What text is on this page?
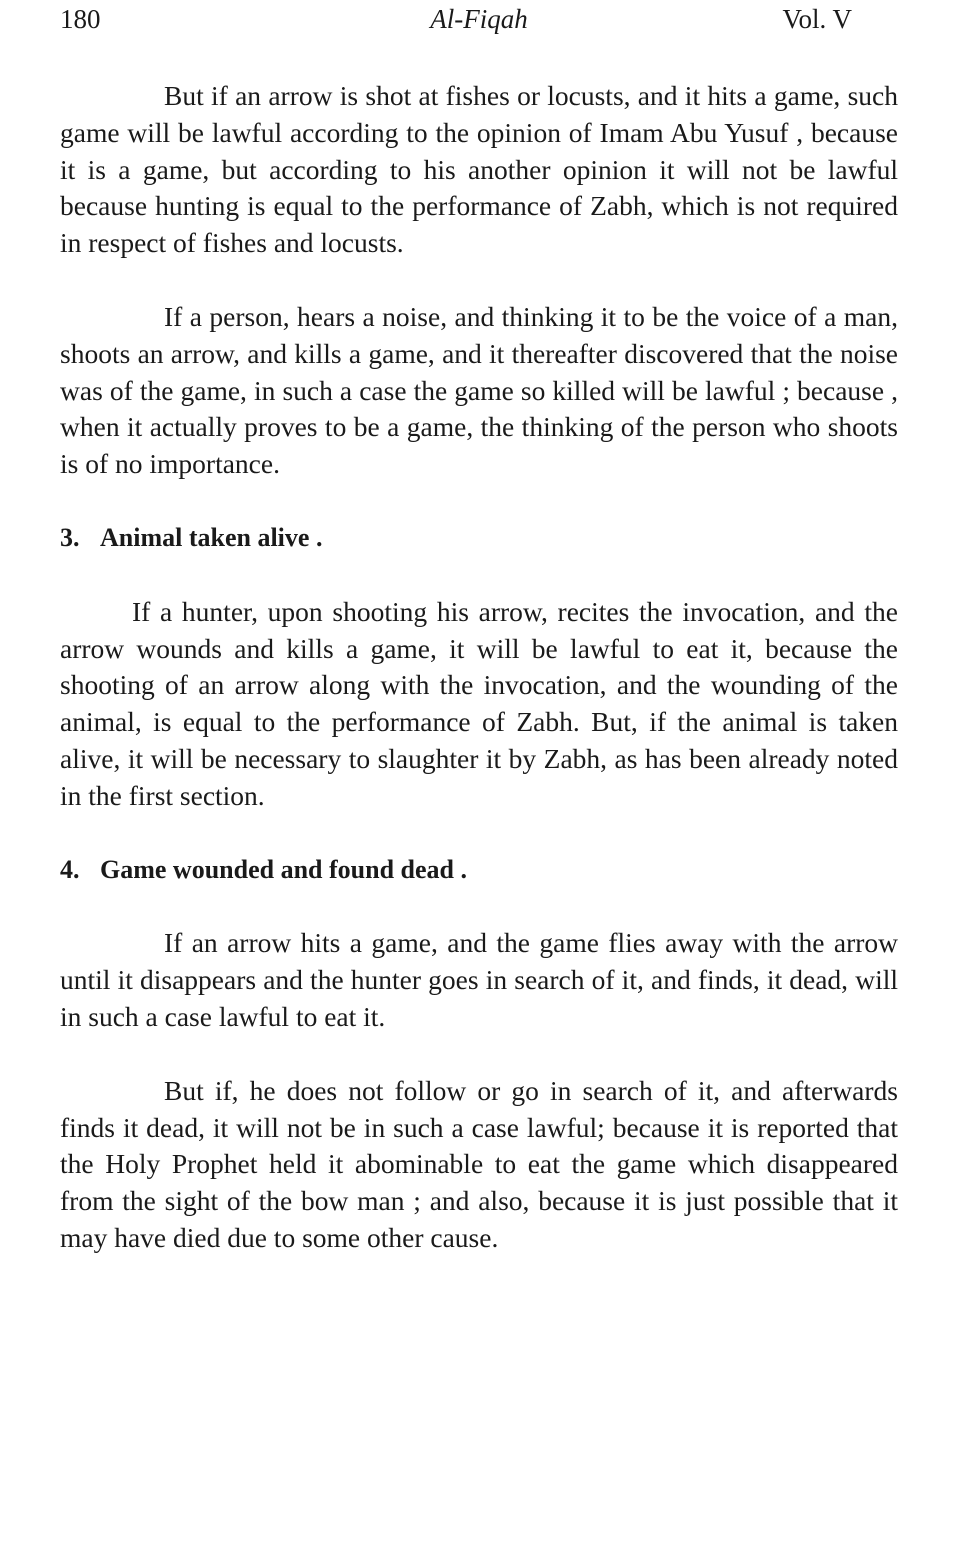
180	Al-Fiqah	Vol. V

But if an arrow is shot at fishes or locusts, and it hits a game, such game will be lawful according to the opinion of Imam Abu Yusuf , because it is a game, but according to his another opinion it will not be lawful because hunting is equal to the performance of Zabh, which is not required in respect of fishes and locusts.

If a person, hears a noise, and thinking it to be the voice of a man, shoots an arrow, and kills a game, and it thereafter discovered that the noise was of the game, in such a case the game so killed will be lawful ; because , when it actually proves to be a game, the thinking of the person who shoots is of no importance.

3. Animal taken alive .

If a hunter, upon shooting his arrow, recites the invocation, and the arrow wounds and kills a game, it will be lawful to eat it, because the shooting of an arrow along with the invocation, and the wounding of the animal, is equal to the performance of Zabh. But, if the animal is taken alive, it will be necessary to slaughter it by Zabh, as has been already noted in the first section.

4. Game wounded and found dead .

If an arrow hits a game, and the game flies away with the arrow until it disappears and the hunter goes in search of it, and finds, it dead, will in such a case lawful to eat it.

But if, he does not follow or go in search of it, and afterwards finds it dead, it will not be in such a case lawful; because it is reported that the Holy Prophet held it abominable to eat the game which disappeared from the sight of the bow man ; and also, because it is just possible that it may have died due to some other cause.
